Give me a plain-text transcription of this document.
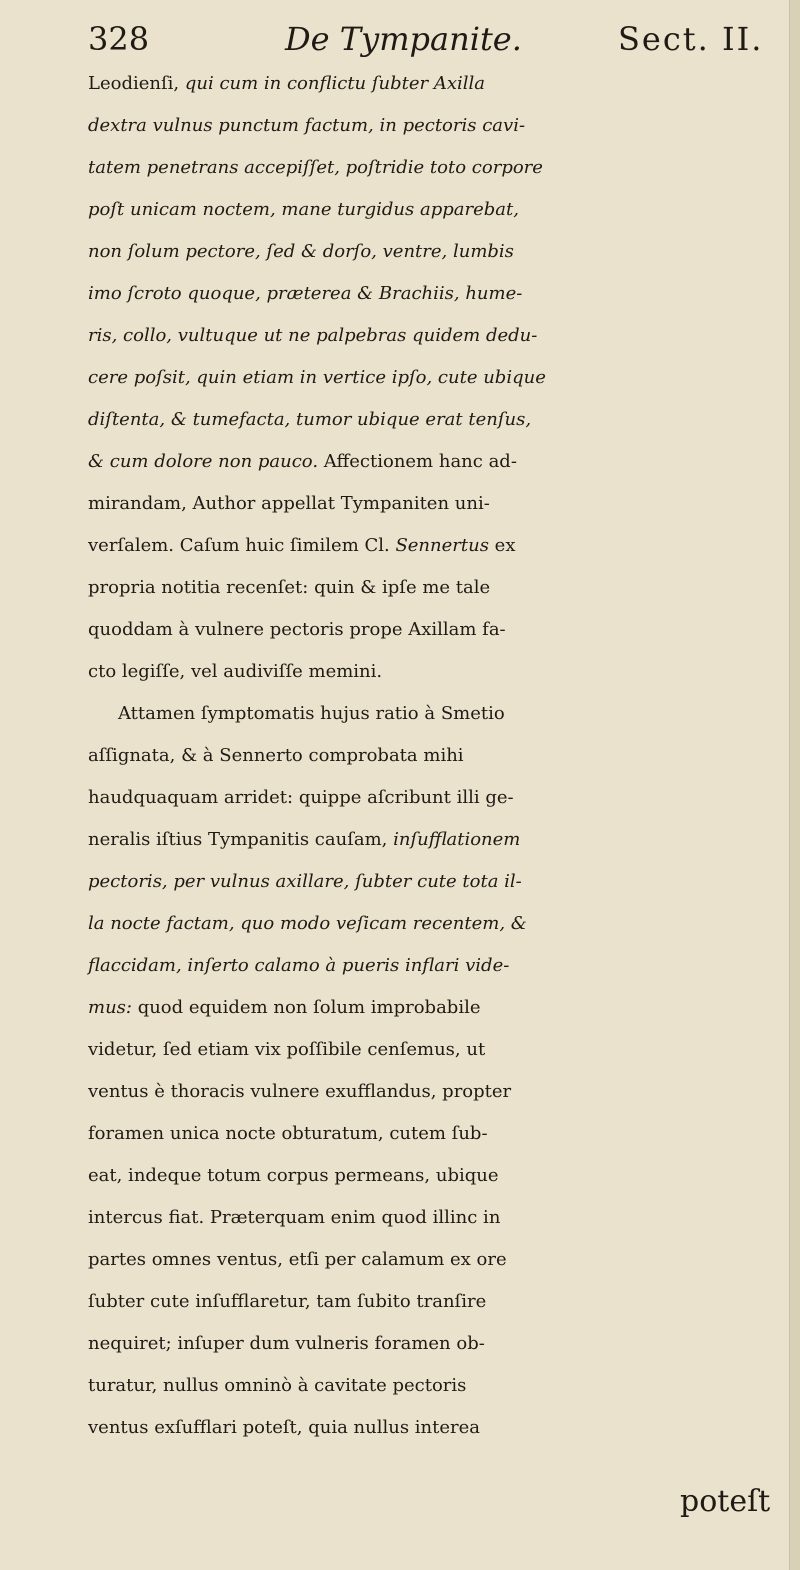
328	De Tympanite.	Sect. II.
Leodienſi, qui cum in conflictu ſubter Axilla
dextra vulnus punctum factum, in pectoris cavi-
tatem penetrans accepiſſet, poſtridie toto corpore
poſt unicam noctem, mane turgidus apparebat,
non ſolum pectore, ſed & dorſo, ventre, lumbis
imo ſcroto quoque, prӕterea & Brachiis, hume-
ris, collo, vultuque ut ne palpebras quidem dedu-
cere poſsit, quin etiam in vertice ipſo, cute ubique
diſtenta, & tumefacta, tumor ubique erat tenſus,
& cum dolore non pauco. Affectionem hanc ad-
mirandam, Author appellat Tympaniten uni-
verſalem. Caſum huic ſimilem Cl. Sennertus ex
propria notitia recenſet: quin & ipſe me tale
quoddam à vulnere pectoris prope Axillam fa-
cto legiſſe, vel audiviſſe memini.
Attamen ſymptomatis hujus ratio à Smetio
aſſignata, & à Sennerto comprobata mihi
haudquaquam arridet: quippe aſcribunt illi ge-
neralis iſtius Tympanitis cauſam, inſufflationem
pectoris, per vulnus axillare, ſubter cute tota il-
la nocte factam, quo modo veſicam recentem, &
flaccidam, inſerto calamo à pueris inflari vide-
mus: quod equidem non ſolum improbabile
videtur, ſed etiam vix poſſibile cenſemus, ut
ventus è thoracis vulnere exufflandus, propter
foramen unica nocte obturatum, cutem ſub-
eat, indeque totum corpus permeans, ubique
intercus fiat. Prӕterquam enim quod illinc in
partes omnes ventus, etſi per calamum ex ore
ſubter cute inſufflaretur, tam ſubito tranſire
nequiret; inſuper dum vulneris foramen ob-
turatur, nullus omninò à cavitate pectoris
ventus exſufflari poteſt, quia nullus interea
poteſt
